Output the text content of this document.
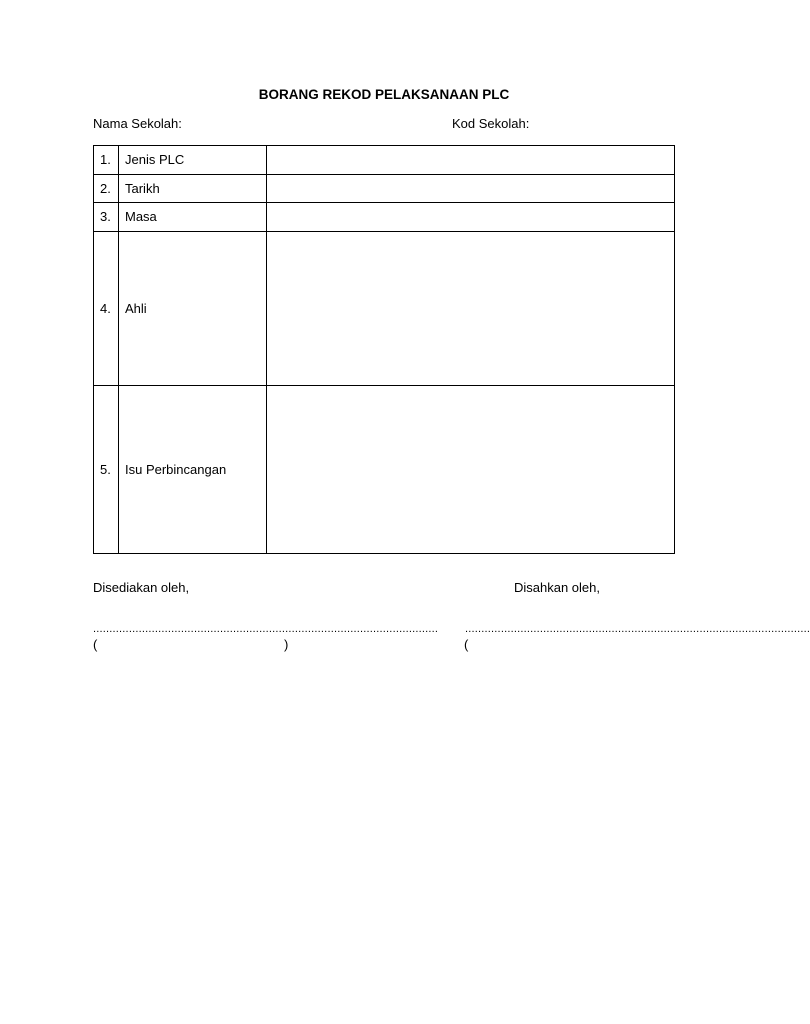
BORANG REKOD PELAKSANAAN PLC
Nama Sekolah:	Kod Sekolah:
1.	Jenis PLC	
2.	Tarikh	
3.	Masa	
4.	Ahli	
5.	Isu Perbincangan	
Disediakan oleh,	Disahkan oleh,
.......................................................................................................... ..........................................................................................................
(	)	(
